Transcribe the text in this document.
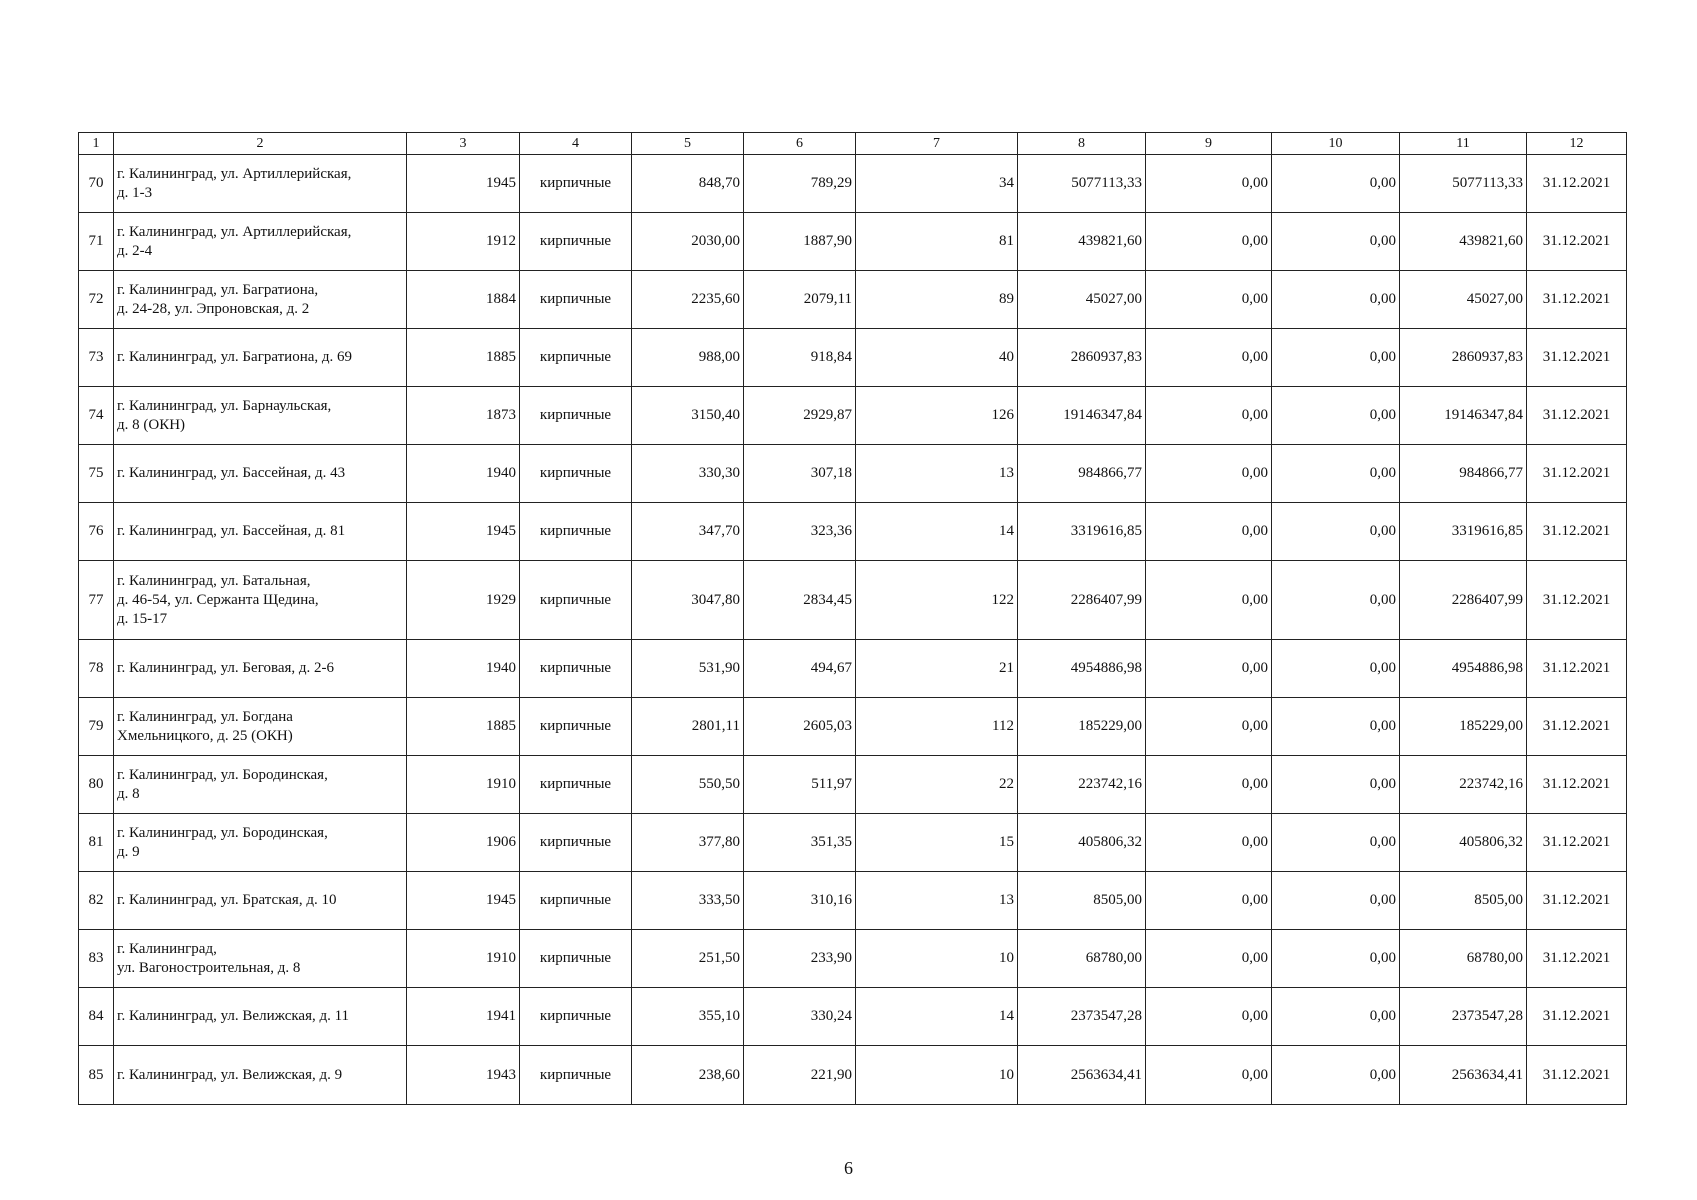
1	2	3	4	5	6	7	8	9	10	11	12
70	г. Калининград, ул. Артиллерийская,
д. 1-3	1945	кирпичные	848,70	789,29	34	5077113,33	0,00	0,00	5077113,33	31.12.2021
71	г. Калининград, ул. Артиллерийская,
д. 2-4	1912	кирпичные	2030,00	1887,90	81	439821,60	0,00	0,00	439821,60	31.12.2021
72	г. Калининград, ул. Багратиона,
д. 24-28, ул. Эпроновская, д. 2	1884	кирпичные	2235,60	2079,11	89	45027,00	0,00	0,00	45027,00	31.12.2021
73	г. Калининград, ул. Багратиона, д. 69	1885	кирпичные	988,00	918,84	40	2860937,83	0,00	0,00	2860937,83	31.12.2021
74	г. Калининград, ул. Барнаульская,
д. 8 (ОКН)	1873	кирпичные	3150,40	2929,87	126	19146347,84	0,00	0,00	19146347,84	31.12.2021
75	г. Калининград, ул. Бассейная, д. 43	1940	кирпичные	330,30	307,18	13	984866,77	0,00	0,00	984866,77	31.12.2021
76	г. Калининград, ул. Бассейная, д. 81	1945	кирпичные	347,70	323,36	14	3319616,85	0,00	0,00	3319616,85	31.12.2021
77	г. Калининград, ул. Батальная,
д. 46-54, ул. Сержанта Щедина,
д. 15-17	1929	кирпичные	3047,80	2834,45	122	2286407,99	0,00	0,00	2286407,99	31.12.2021
78	г. Калининград, ул. Беговая, д. 2-6	1940	кирпичные	531,90	494,67	21	4954886,98	0,00	0,00	4954886,98	31.12.2021
79	г. Калининград, ул. Богдана
Хмельницкого, д. 25 (ОКН)	1885	кирпичные	2801,11	2605,03	112	185229,00	0,00	0,00	185229,00	31.12.2021
80	г. Калининград, ул. Бородинская,
д. 8	1910	кирпичные	550,50	511,97	22	223742,16	0,00	0,00	223742,16	31.12.2021
81	г. Калининград, ул. Бородинская,
д. 9	1906	кирпичные	377,80	351,35	15	405806,32	0,00	0,00	405806,32	31.12.2021
82	г. Калининград, ул. Братская, д. 10	1945	кирпичные	333,50	310,16	13	8505,00	0,00	0,00	8505,00	31.12.2021
83	г. Калининград,
ул. Вагоностроительная, д. 8	1910	кирпичные	251,50	233,90	10	68780,00	0,00	0,00	68780,00	31.12.2021
84	г. Калининград, ул. Велижская, д. 11	1941	кирпичные	355,10	330,24	14	2373547,28	0,00	0,00	2373547,28	31.12.2021
85	г. Калининград, ул. Велижская, д. 9	1943	кирпичные	238,60	221,90	10	2563634,41	0,00	0,00	2563634,41	31.12.2021
6
